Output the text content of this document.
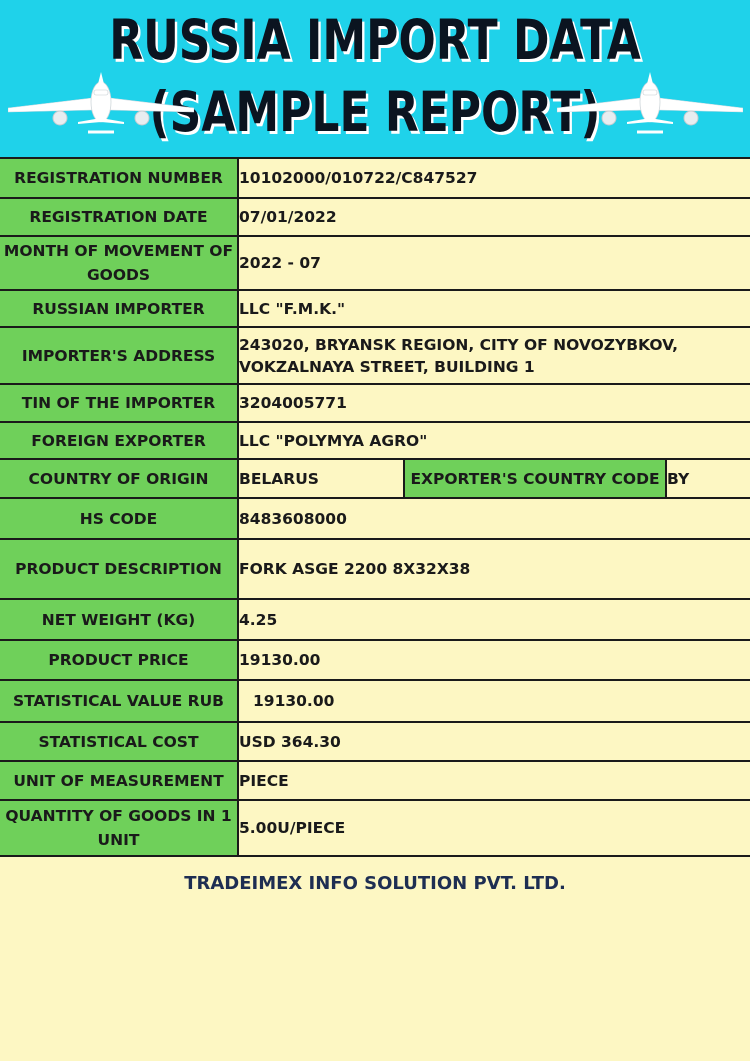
RUSSIA IMPORT DATA
(SAMPLE REPORT)
REGISTRATION NUMBER	10102000/010722/C847527		
REGISTRATION DATE	07/01/2022		
MONTH OF MOVEMENT OF GOODS	2022 - 07		
RUSSIAN IMPORTER	LLC "F.M.K."		
IMPORTER'S ADDRESS	243020, BRYANSK REGION, CITY OF NOVOZYBKOV, VOKZALNAYA STREET, BUILDING 1		
TIN OF THE IMPORTER	3204005771		
FOREIGN EXPORTER	LLC "POLYMYA AGRO"		
COUNTRY OF ORIGIN	BELARUS	EXPORTER'S COUNTRY CODE	BY
HS CODE	8483608000		
PRODUCT DESCRIPTION	FORK ASGE 2200 8X32X38		
NET WEIGHT (KG)	4.25		
PRODUCT PRICE	19130.00		
STATISTICAL VALUE RUB	19130.00		
STATISTICAL COST	USD 364.30		
UNIT OF MEASUREMENT	PIECE		
QUANTITY OF GOODS IN 1 UNIT	5.00U/PIECE		
TRADEIMEX INFO SOLUTION PVT. LTD.
